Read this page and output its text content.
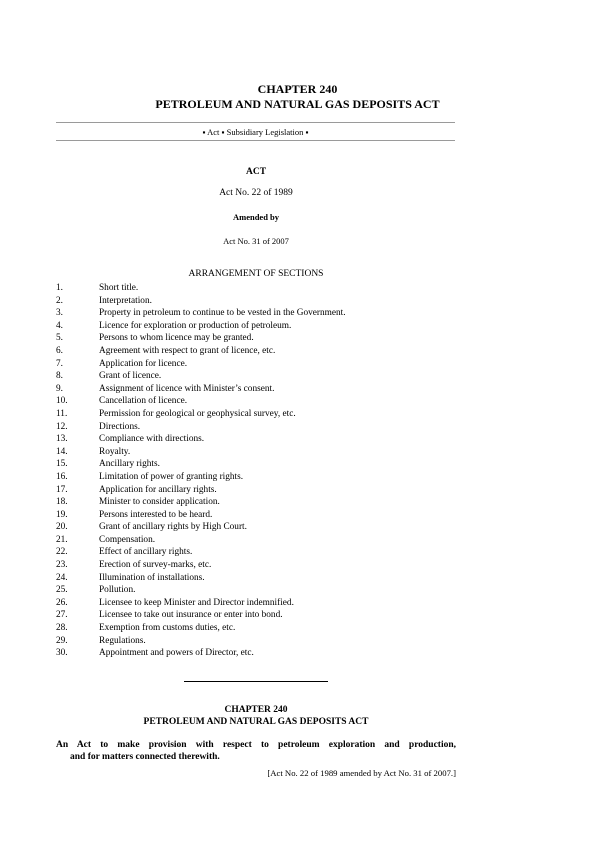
CHAPTER 240
PETROLEUM AND NATURAL GAS DEPOSITS ACT
▪ Act ▪ Subsidiary Legislation ▪
ACT
Act No. 22 of 1989
Amended by
Act No. 31 of 2007
ARRANGEMENT OF SECTIONS
1.	Short title.
2.	Interpretation.
3.	Property in petroleum to continue to be vested in the Government.
4.	Licence for exploration or production of petroleum.
5.	Persons to whom licence may be granted.
6.	Agreement with respect to grant of licence, etc.
7.	Application for licence.
8.	Grant of licence.
9.	Assignment of licence with Minister’s consent.
10.	Cancellation of licence.
11.	Permission for geological or geophysical survey, etc.
12.	Directions.
13.	Compliance with directions.
14.	Royalty.
15.	Ancillary rights.
16.	Limitation of power of granting rights.
17.	Application for ancillary rights.
18.	Minister to consider application.
19.	Persons interested to be heard.
20.	Grant of ancillary rights by High Court.
21.	Compensation.
22.	Effect of ancillary rights.
23.	Erection of survey-marks, etc.
24.	Illumination of installations.
25.	Pollution.
26.	Licensee to keep Minister and Director indemnified.
27.	Licensee to take out insurance or enter into bond.
28.	Exemption from customs duties, etc.
29.	Regulations.
30.	Appointment and powers of Director, etc.
CHAPTER 240
PETROLEUM AND NATURAL GAS DEPOSITS ACT
An Act to make provision with respect to petroleum exploration and production,
and for matters connected therewith.
[Act No. 22 of 1989 amended by Act No. 31 of 2007.]
